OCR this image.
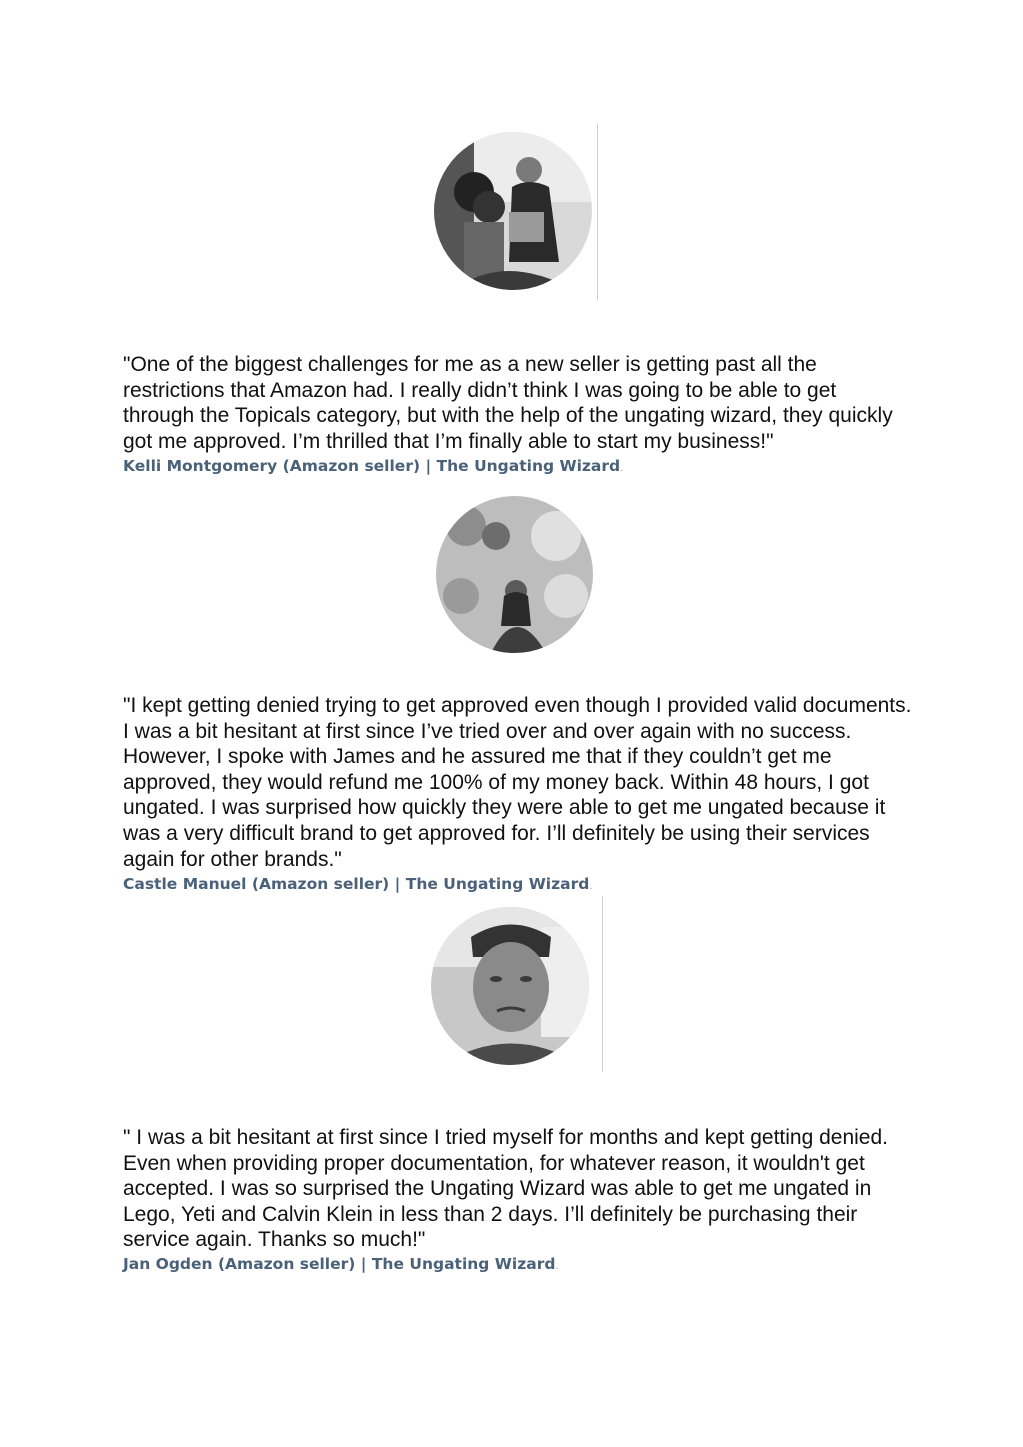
"One of the biggest challenges for me as a new seller is getting past all the restrictions that Amazon had. I really didn’t think I was going to be able to get through the Topicals category, but with the help of the ungating wizard, they quickly got me approved. I’m thrilled that I’m finally able to start my business!"

Kelli Montgomery (Amazon seller) | The Ungating Wizard.

"I kept getting denied trying to get approved even though I provided valid documents. I was a bit hesitant at first since I’ve tried over and over again with no success. However, I spoke with James and he assured me that if they couldn’t get me approved, they would refund me 100% of my money back. Within 48 hours, I got ungated. I was surprised how quickly they were able to get me ungated because it was a very difficult brand to get approved for. I’ll definitely be using their services again for other brands."

Castle Manuel (Amazon seller) | The Ungating Wizard.

" I was a bit hesitant at first since I tried myself for months and kept getting denied. Even when providing proper documentation, for whatever reason, it wouldn't get accepted. I was so surprised the Ungating Wizard was able to get me ungated in Lego, Yeti and Calvin Klein in less than 2 days. I’ll definitely be purchasing their service again. Thanks so much!"

Jan Ogden (Amazon seller) | The Ungating Wizard.
